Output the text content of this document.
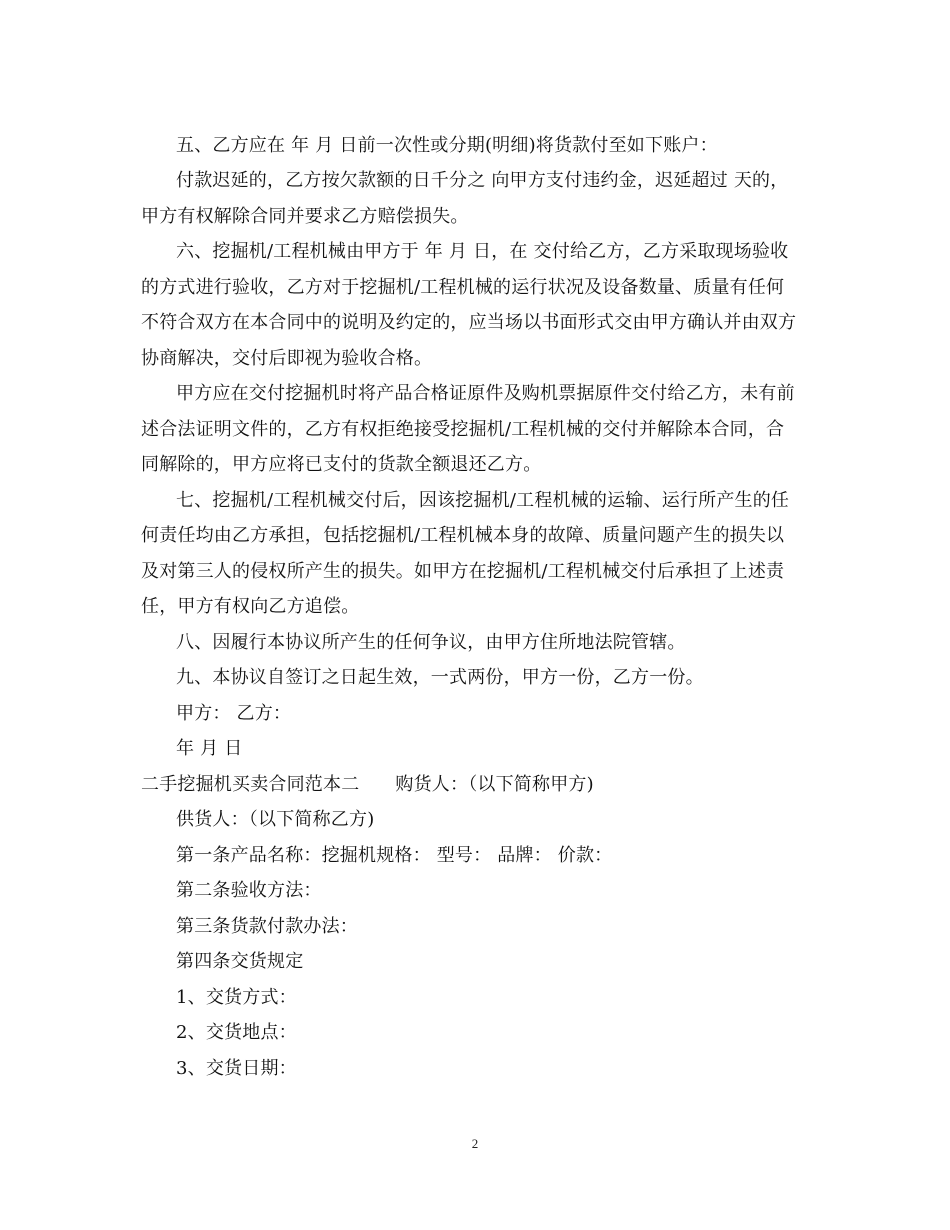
五、乙方应在 年 月 日前一次性或分期(明细)将货款付至如下账户：
付款迟延的，乙方按欠款额的日千分之 向甲方支付违约金，迟延超过 天的，
甲方有权解除合同并要求乙方赔偿损失。
六、挖掘机/工程机械由甲方于 年 月 日，在 交付给乙方，乙方采取现场验收
的方式进行验收，乙方对于挖掘机/工程机械的运行状况及设备数量、质量有任何
不符合双方在本合同中的说明及约定的，应当场以书面形式交由甲方确认并由双方
协商解决，交付后即视为验收合格。
甲方应在交付挖掘机时将产品合格证原件及购机票据原件交付给乙方，未有前
述合法证明文件的，乙方有权拒绝接受挖掘机/工程机械的交付并解除本合同，合
同解除的，甲方应将已支付的货款全额退还乙方。
七、挖掘机/工程机械交付后，因该挖掘机/工程机械的运输、运行所产生的任
何责任均由乙方承担，包括挖掘机/工程机械本身的故障、质量问题产生的损失以
及对第三人的侵权所产生的损失。如甲方在挖掘机/工程机械交付后承担了上述责
任，甲方有权向乙方追偿。
八、因履行本协议所产生的任何争议，由甲方住所地法院管辖。
九、本协议自签订之日起生效，一式两份，甲方一份，乙方一份。
甲方： 乙方：
年 月 日
二手挖掘机买卖合同范本二 购货人：（以下简称甲方)
供货人：（以下简称乙方)
第一条产品名称：挖掘机规格： 型号： 品牌： 价款：
第二条验收方法：
第三条货款付款办法：
第四条交货规定
1、交货方式：
2、交货地点：
3、交货日期：
2
